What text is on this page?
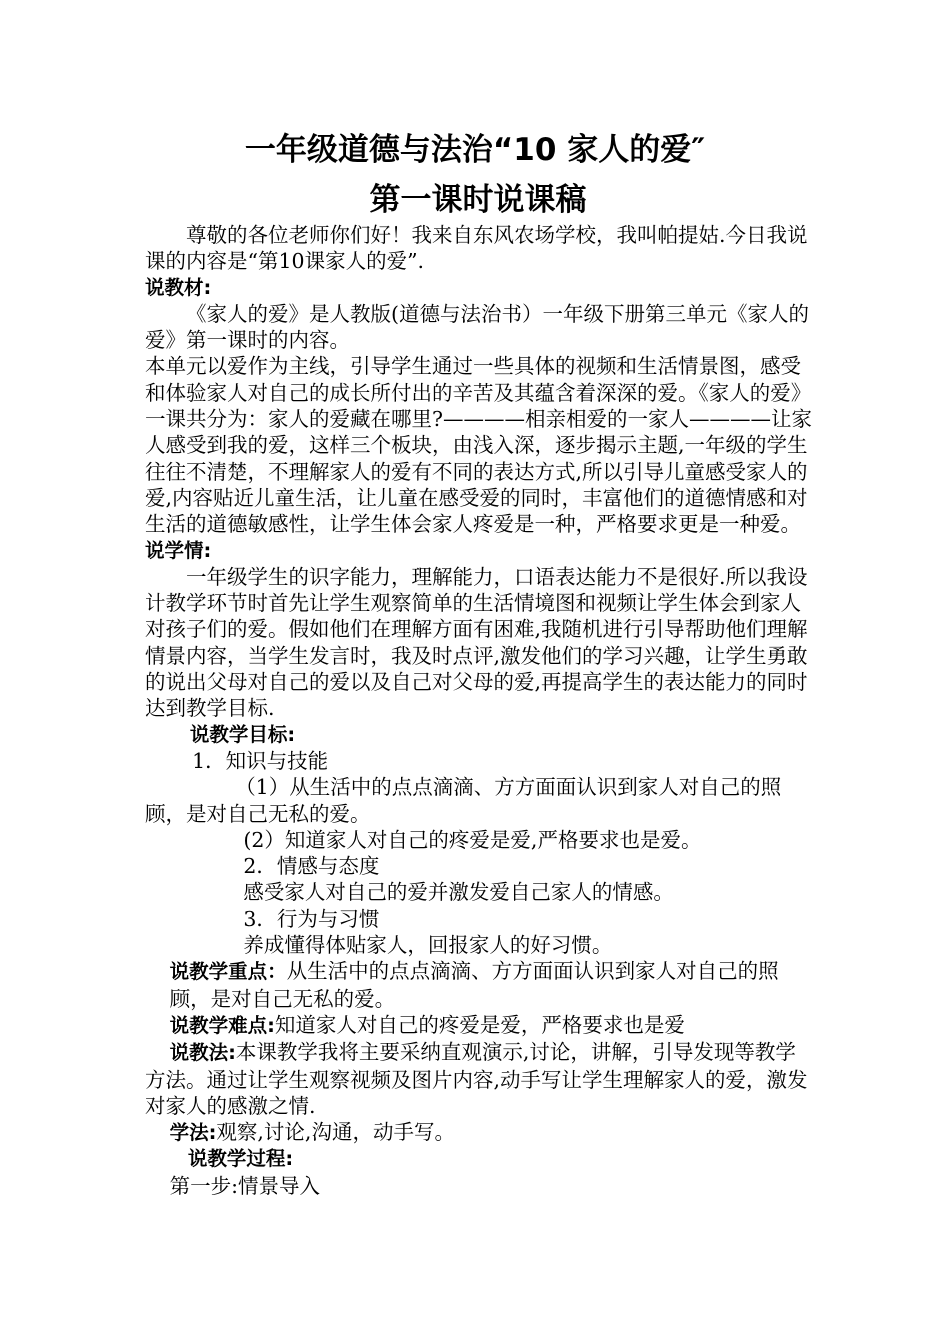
一年级道德与法治“10 家人的爱″
第一课时说课稿

尊敬的各位老师你们好！我来自东风农场学校，我叫帕提姑.今日我说课的内容是“第10课家人的爱”.

说教材:

《家人的爱》是人教版(道德与法治书）一年级下册第三单元《家人的爱》第一课时的内容。

本单元以爱作为主线，引导学生通过一些具体的视频和生活情景图，感受和体验家人对自己的成长所付出的辛苦及其蕴含着深深的爱。《家人的爱》一课共分为：家人的爱藏在哪里?————相亲相爱的一家人————让家人感受到我的爱，这样三个板块，由浅入深，逐步揭示主题,一年级的学生往往不清楚，不理解家人的爱有不同的表达方式,所以引导儿童感受家人的爱,内容贴近儿童生活，让儿童在感受爱的同时，丰富他们的道德情感和对生活的道德敏感性，让学生体会家人疼爱是一种，严格要求更是一种爱。

说学情:

一年级学生的识字能力，理解能力，口语表达能力不是很好.所以我设计教学环节时首先让学生观察简单的生活情境图和视频让学生体会到家人对孩子们的爱。假如他们在理解方面有困难,我随机进行引导帮助他们理解情景内容，当学生发言时，我及时点评,激发他们的学习兴趣，让学生勇敢的说出父母对自己的爱以及自己对父母的爱,再提高学生的表达能力的同时达到教学目标.

说教学目标:

1．知识与技能

（1）从生活中的点点滴滴、方方面面认识到家人对自己的照顾，是对自己无私的爱。

(2）知道家人对自己的疼爱是爱,严格要求也是爱。

2．情感与态度

感受家人对自己的爱并激发爱自己家人的情感。

3．行为与习惯

养成懂得体贴家人，回报家人的好习惯。

说教学重点：从生活中的点点滴滴、方方面面认识到家人对自己的照顾，是对自己无私的爱。

说教学难点:知道家人对自己的疼爱是爱，严格要求也是爱

说教法:本课教学我将主要采纳直观演示,讨论，讲解，引导发现等教学方法。通过让学生观察视频及图片内容,动手写让学生理解家人的爱，激发对家人的感激之情.

学法:观察,讨论,沟通，动手写。

说教学过程:

第一步:情景导入
